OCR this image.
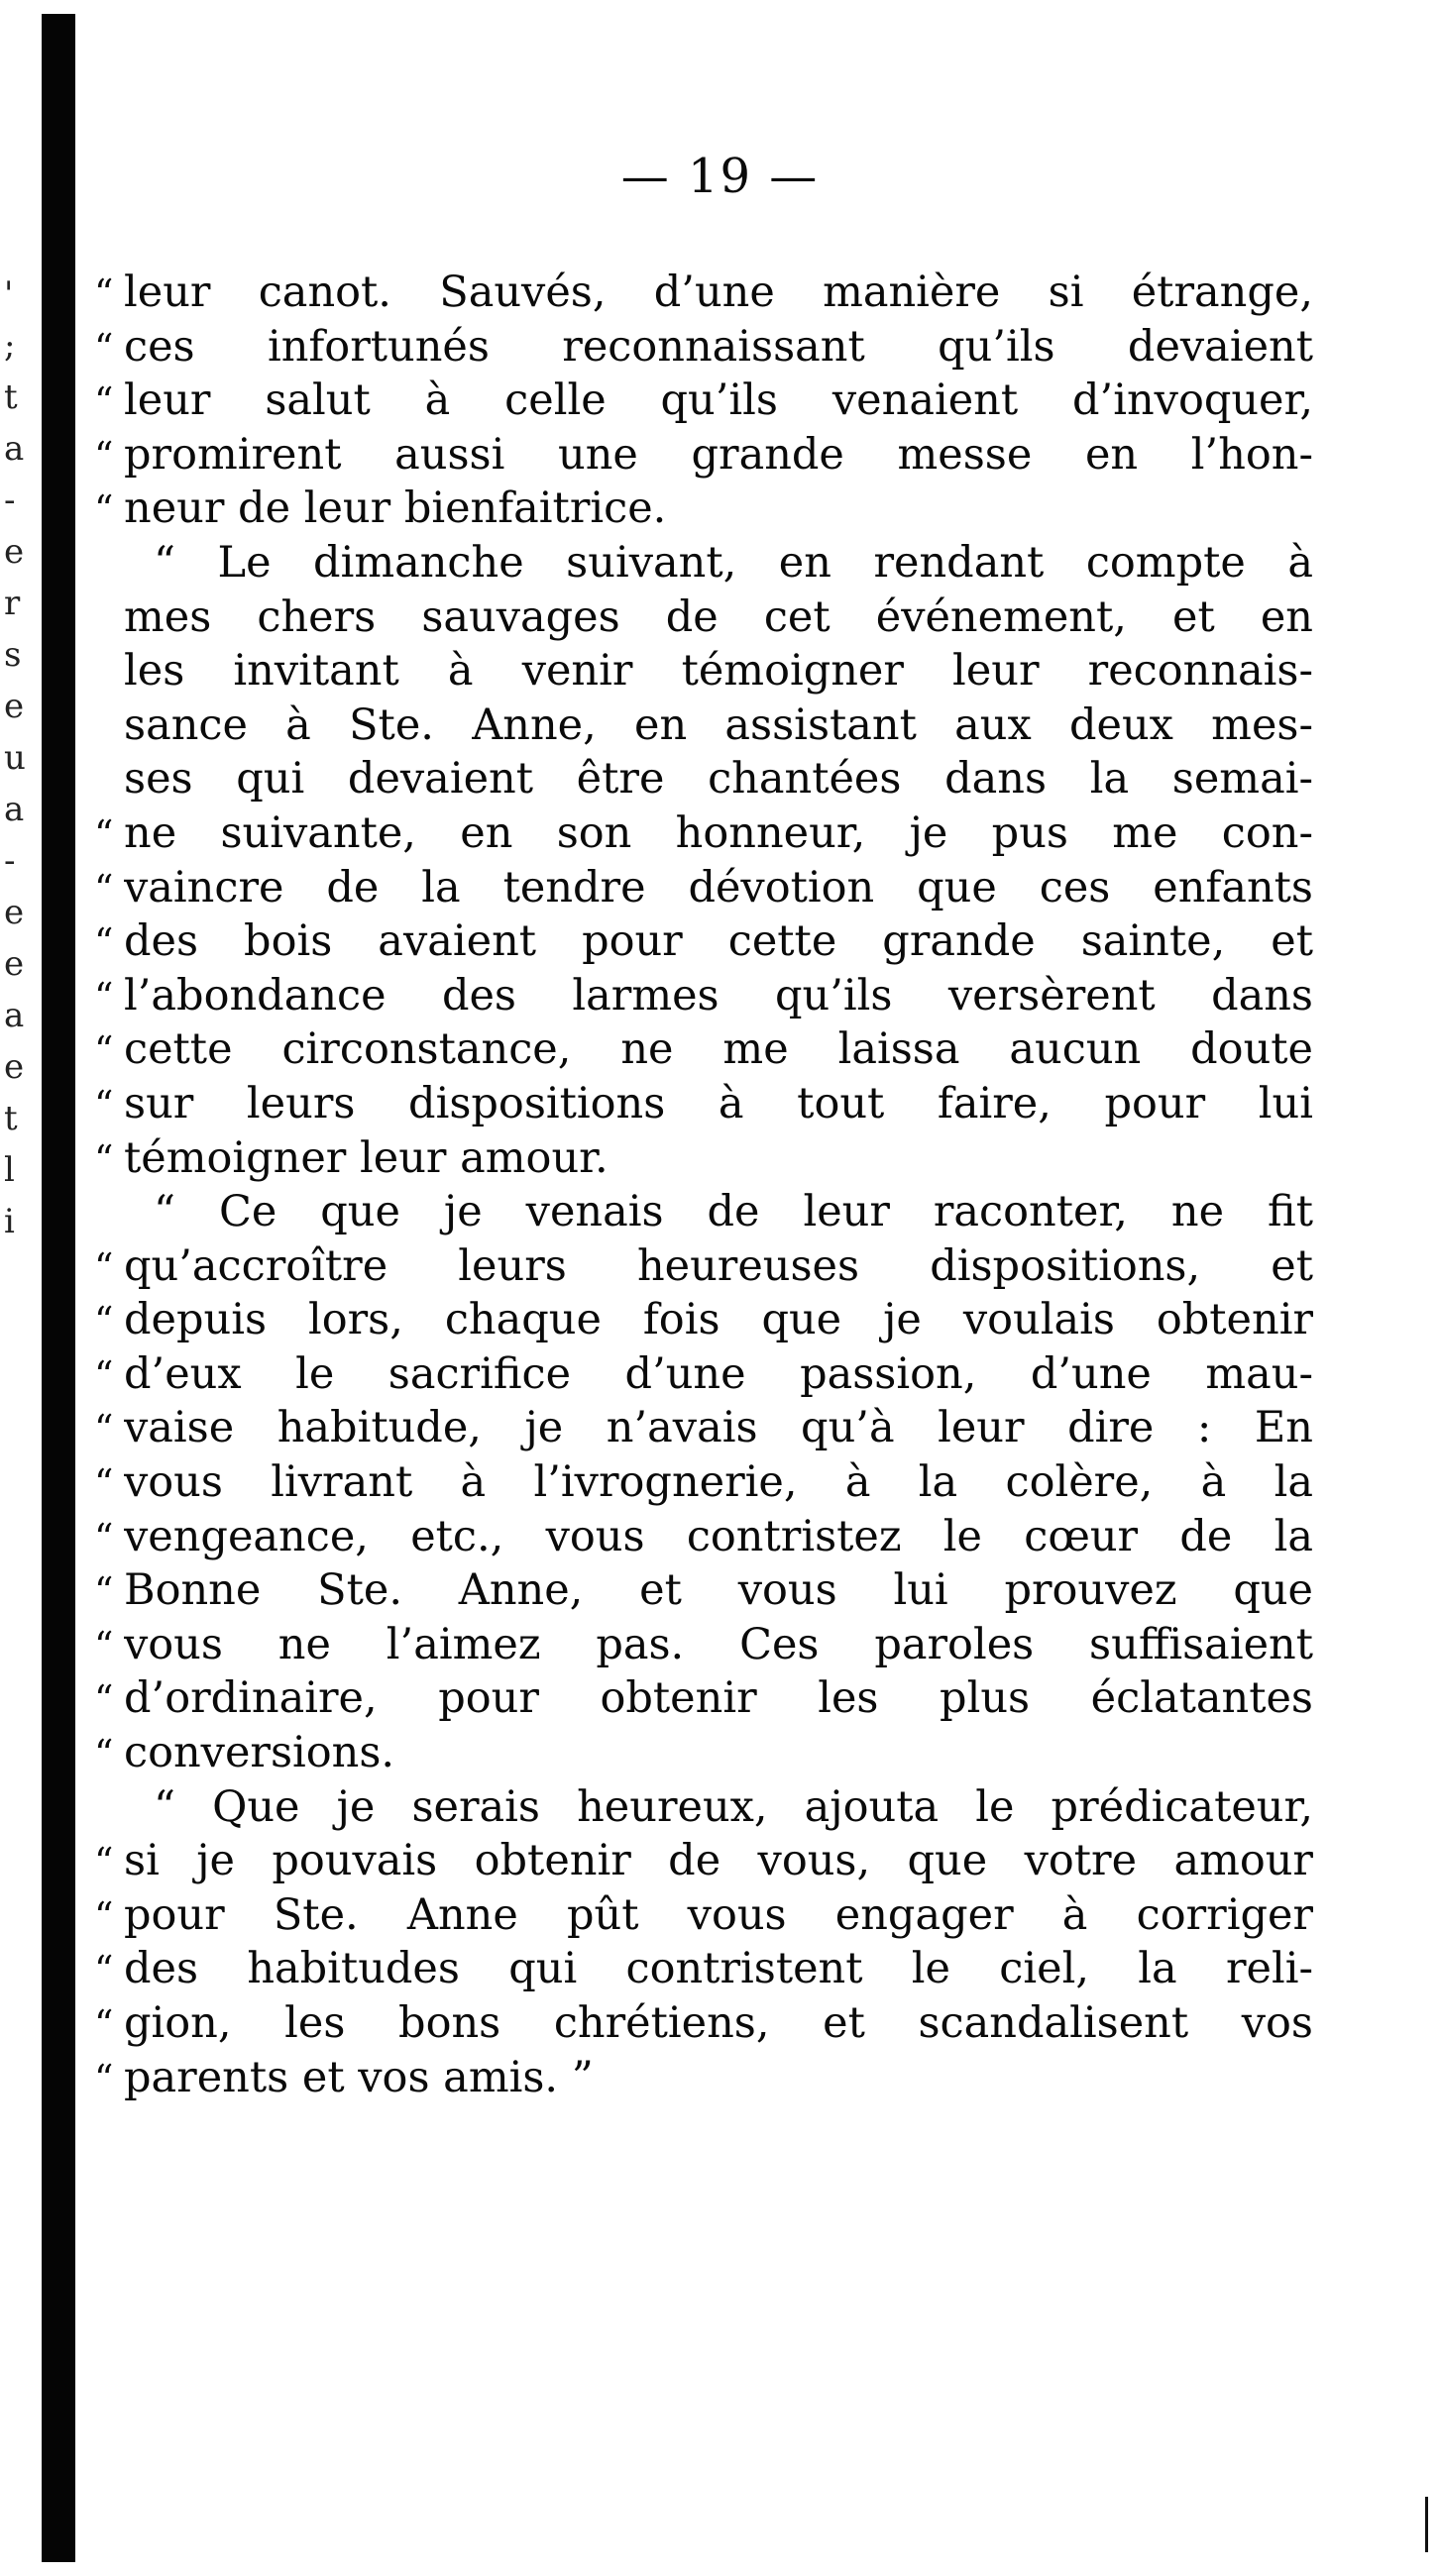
'
;
t
a
-
e
r
s
e
u
a
-
e
e
a
e
t
l
i
— 19 —
“ leur canot. Sauvés, d’une manière si étrange,
“ ces infortunés reconnaissant qu’ils devaient
“ leur salut à celle qu’ils venaient d’invoquer,
“ promirent aussi une grande messe en l’hon-
“ neur de leur bienfaitrice.
“ Le dimanche suivant, en rendant compte à
mes chers sauvages de cet événement, et en
les invitant à venir témoigner leur reconnais-
sance à Ste. Anne, en assistant aux deux mes-
ses qui devaient être chantées dans la semai-
“ ne suivante, en son honneur, je pus me con-
“ vaincre de la tendre dévotion que ces enfants
“ des bois avaient pour cette grande sainte, et
“ l’abondance des larmes qu’ils versèrent dans
“ cette circonstance, ne me laissa aucun doute
“ sur leurs dispositions à tout faire, pour lui
“ témoigner leur amour.
“ Ce que je venais de leur raconter, ne fit
“ qu’accroître leurs heureuses dispositions, et
“ depuis lors, chaque fois que je voulais obtenir
“ d’eux le sacrifice d’une passion, d’une mau-
“ vaise habitude, je n’avais qu’à leur dire : En
“ vous livrant à l’ivrognerie, à la colère, à la
“ vengeance, etc., vous contristez le cœur de la
“ Bonne Ste. Anne, et vous lui prouvez que
“ vous ne l’aimez pas. Ces paroles suffisaient
“ d’ordinaire, pour obtenir les plus éclatantes
“ conversions.
“ Que je serais heureux, ajouta le prédicateur,
“ si je pouvais obtenir de vous, que votre amour
“ pour Ste. Anne pût vous engager à corriger
“ des habitudes qui contristent le ciel, la reli-
“ gion, les bons chrétiens, et scandalisent vos
“ parents et vos amis. ”
